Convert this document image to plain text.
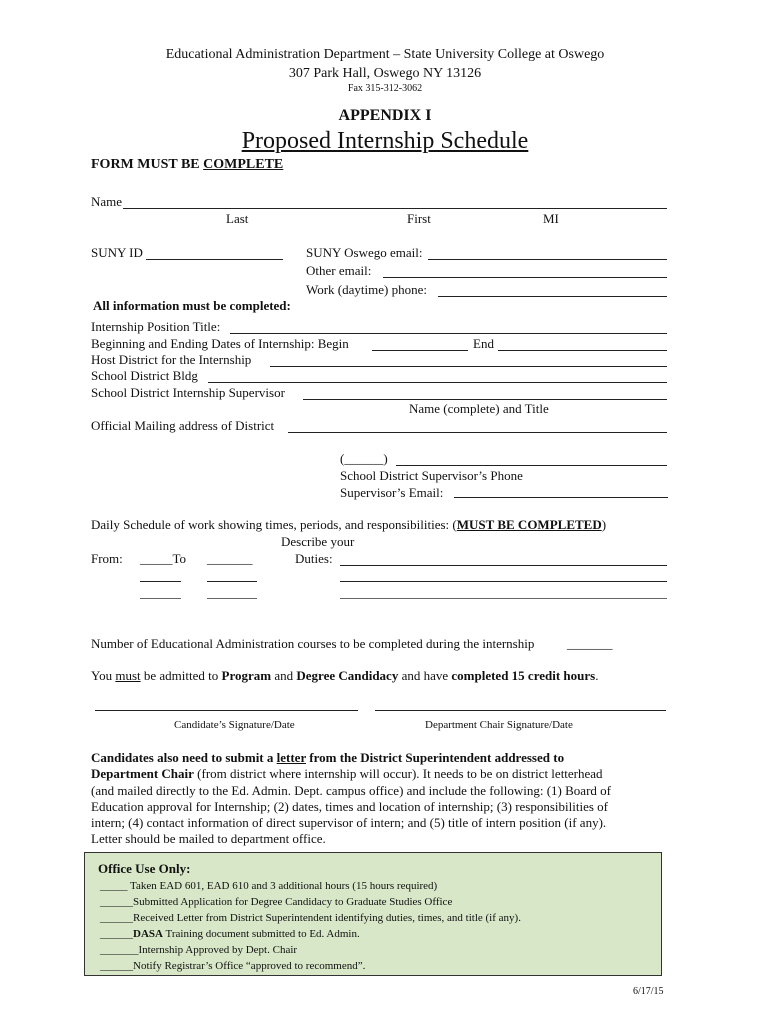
Educational Administration Department – State University College at Oswego
307 Park Hall, Oswego NY 13126
Fax 315-312-3062
APPENDIX I
Proposed Internship Schedule
FORM MUST BE COMPLETE
Name
Last	First	MI
SUNY ID	SUNY Oswego email:
Other email:
Work (daytime) phone:
All information must be completed:
Internship Position Title:
Beginning and Ending Dates of Internship: Begin	End
Host District for the Internship
School District Bldg
School District Internship Supervisor
Name (complete) and Title
Official Mailing address of District
(______)
School District Supervisor’s Phone
Supervisor’s Email:
Daily Schedule of work showing times, periods, and responsibilities: (MUST BE COMPLETED)
Describe your
From: _____To _______	Duties:
Number of Educational Administration courses to be completed during the internship	_______
You must be admitted to Program and Degree Candidacy and have completed 15 credit hours.
Candidate’s Signature/Date	Department Chair Signature/Date
Candidates also need to submit a letter from the District Superintendent addressed to
Department Chair (from district where internship will occur). It needs to be on district letterhead
(and mailed directly to the Ed. Admin. Dept. campus office) and include the following: (1) Board of
Education approval for Internship; (2) dates, times and location of internship; (3) responsibilities of
intern; (4) contact information of direct supervisor of intern; and (5) title of intern position (if any).
Letter should be mailed to department office.
Office Use Only:
_____ Taken EAD 601, EAD 610 and 3 additional hours (15 hours required)
______Submitted Application for Degree Candidacy to Graduate Studies Office
______Received Letter from District Superintendent identifying duties, times, and title (if any).
______DASA Training document submitted to Ed. Admin.
_______Internship Approved by Dept. Chair
______Notify Registrar’s Office “approved to recommend”.
6/17/15
